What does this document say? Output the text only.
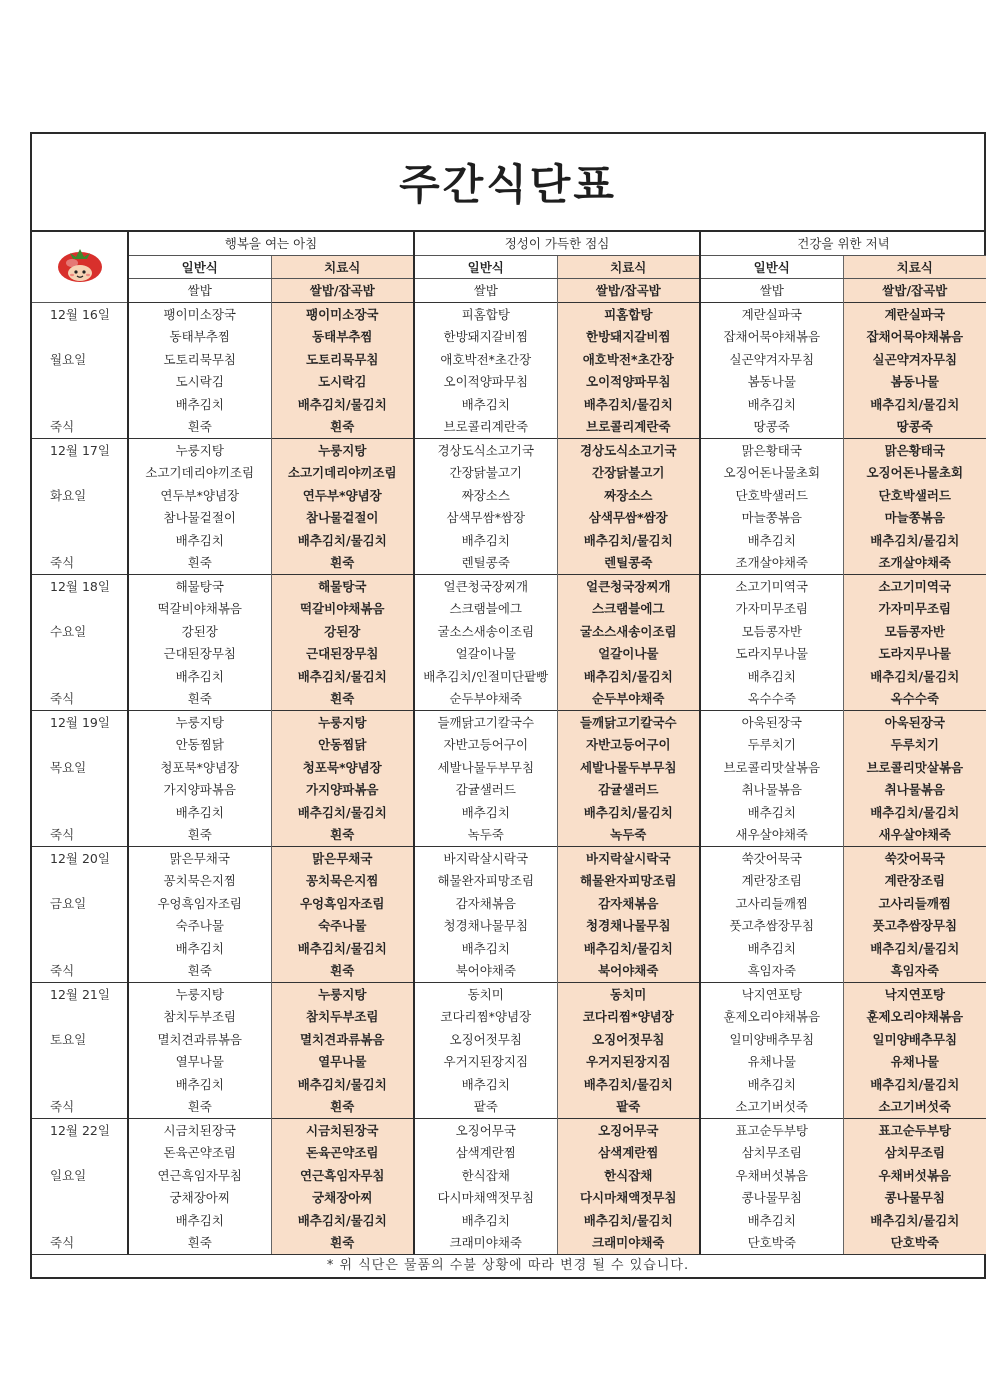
주간식단표
	행복을 여는 아침		정성이 가득한 점심		건강을 위한 저녁	
	일반식	치료식	일반식	치료식	일반식	치료식
	쌀밥	쌀밥/잡곡밥	쌀밥	쌀밥/잡곡밥	쌀밥	쌀밥/잡곡밥
12월 16일	팽이미소장국	팽이미소장국	피홈합탕	피홈합탕	계란실파국	계란실파국
	동태부추찜	동태부추찜	한방돼지갈비찜	한방돼지갈비찜	잡채어묵야채볶음	잡채어묵야채볶음
월요일	도토리묵무침	도토리묵무침	애호박전*초간장	애호박전*초간장	실곤약겨자무침	실곤약겨자무침
	도시락김	도시락김	오이적양파무침	오이적양파무침	봄동나물	봄동나물
	배추김치	배추김치/물김치	배추김치	배추김치/물김치	배추김치	배추김치/물김치
죽식	흰죽	흰죽	브로콜리계란죽	브로콜리계란죽	땅콩죽	땅콩죽
12월 17일	누룽지탕	누룽지탕	경상도식소고기국	경상도식소고기국	맑은황태국	맑은황태국
	소고기데리야끼조림	소고기데리야끼조림	간장닭불고기	간장닭불고기	오징어돈나물초회	오징어돈나물초회
화요일	연두부*양념장	연두부*양념장	짜장소스	짜장소스	단호박샐러드	단호박샐러드
	참나물겉절이	참나물겉절이	삼색무쌈*쌈장	삼색무쌈*쌈장	마늘쫑볶음	마늘쫑볶음
	배추김치	배추김치/물김치	배추김치	배추김치/물김치	배추김치	배추김치/물김치
죽식	흰죽	흰죽	렌틸콩죽	렌틸콩죽	조개살야채죽	조개살야채죽
12월 18일	해물탕국	해물탕국	얼큰청국장찌개	얼큰청국장찌개	소고기미역국	소고기미역국
	떡갈비야채볶음	떡갈비야채볶음	스크램블에그	스크램블에그	가자미무조림	가자미무조림
수요일	강된장	강된장	굴소스새송이조림	굴소스새송이조림	모듬콩자반	모듬콩자반
	근대된장무침	근대된장무침	얼갈이나물	얼갈이나물	도라지무나물	도라지무나물
	배추김치	배추김치/물김치	배추김치/인절미단팥빵	배추김치/물김치	배추김치	배추김치/물김치
죽식	흰죽	흰죽	순두부야채죽	순두부야채죽	옥수수죽	옥수수죽
12월 19일	누룽지탕	누룽지탕	들깨닭고기칼국수	들깨닭고기칼국수	아욱된장국	아욱된장국
	안동찜닭	안동찜닭	자반고등어구이	자반고등어구이	두루치기	두루치기
목요일	청포묵*양념장	청포묵*양념장	세발나물두부무침	세발나물두부무침	브로콜리맛살볶음	브로콜리맛살볶음
	가지양파볶음	가지양파볶음	감귤샐러드	감귤샐러드	취나물볶음	취나물볶음
	배추김치	배추김치/물김치	배추김치	배추김치/물김치	배추김치	배추김치/물김치
죽식	흰죽	흰죽	녹두죽	녹두죽	새우살야채죽	새우살야채죽
12월 20일	맑은무채국	맑은무채국	바지락살시락국	바지락살시락국	쑥갓어묵국	쑥갓어묵국
	꽁치묵은지찜	꽁치묵은지찜	해물완자피망조림	해물완자피망조림	계란장조림	계란장조림
금요일	우엉흑임자조림	우엉흑임자조림	감자채볶음	감자채볶음	고사리들깨찜	고사리들깨찜
	숙주나물	숙주나물	청경채나물무침	청경채나물무침	풋고추쌈장무침	풋고추쌈장무침
	배추김치	배추김치/물김치	배추김치	배추김치/물김치	배추김치	배추김치/물김치
죽식	흰죽	흰죽	북어야채죽	북어야채죽	흑임자죽	흑임자죽
12월 21일	누룽지탕	누룽지탕	동치미	동치미	낙지연포탕	낙지연포탕
	참치두부조림	참치두부조림	코다리찜*양념장	코다리찜*양념장	훈제오리야채볶음	훈제오리야채볶음
토요일	멸치견과류볶음	멸치견과류볶음	오징어젓무침	오징어젓무침	일미양배추무침	일미양배추무침
	열무나물	열무나물	우거지된장지짐	우거지된장지짐	유채나물	유채나물
	배추김치	배추김치/물김치	배추김치	배추김치/물김치	배추김치	배추김치/물김치
죽식	흰죽	흰죽	팥죽	팥죽	소고기버섯죽	소고기버섯죽
12월 22일	시금치된장국	시금치된장국	오징어무국	오징어무국	표고순두부탕	표고순두부탕
	돈육곤약조림	돈육곤약조림	삼색계란찜	삼색계란찜	삼치무조림	삼치무조림
일요일	연근흑임자무침	연근흑임자무침	한식잡채	한식잡채	우채버섯볶음	우채버섯볶음
	궁채장아찌	궁채장아찌	다시마채액젓무침	다시마채액젓무침	콩나물무침	콩나물무침
	배추김치	배추김치/물김치	배추김치	배추김치/물김치	배추김치	배추김치/물김치
죽식	흰죽	흰죽	크래미야채죽	크래미야채죽	단호박죽	단호박죽
* 위 식단은 물품의 수불 상황에 따라 변경 될 수 있습니다.
